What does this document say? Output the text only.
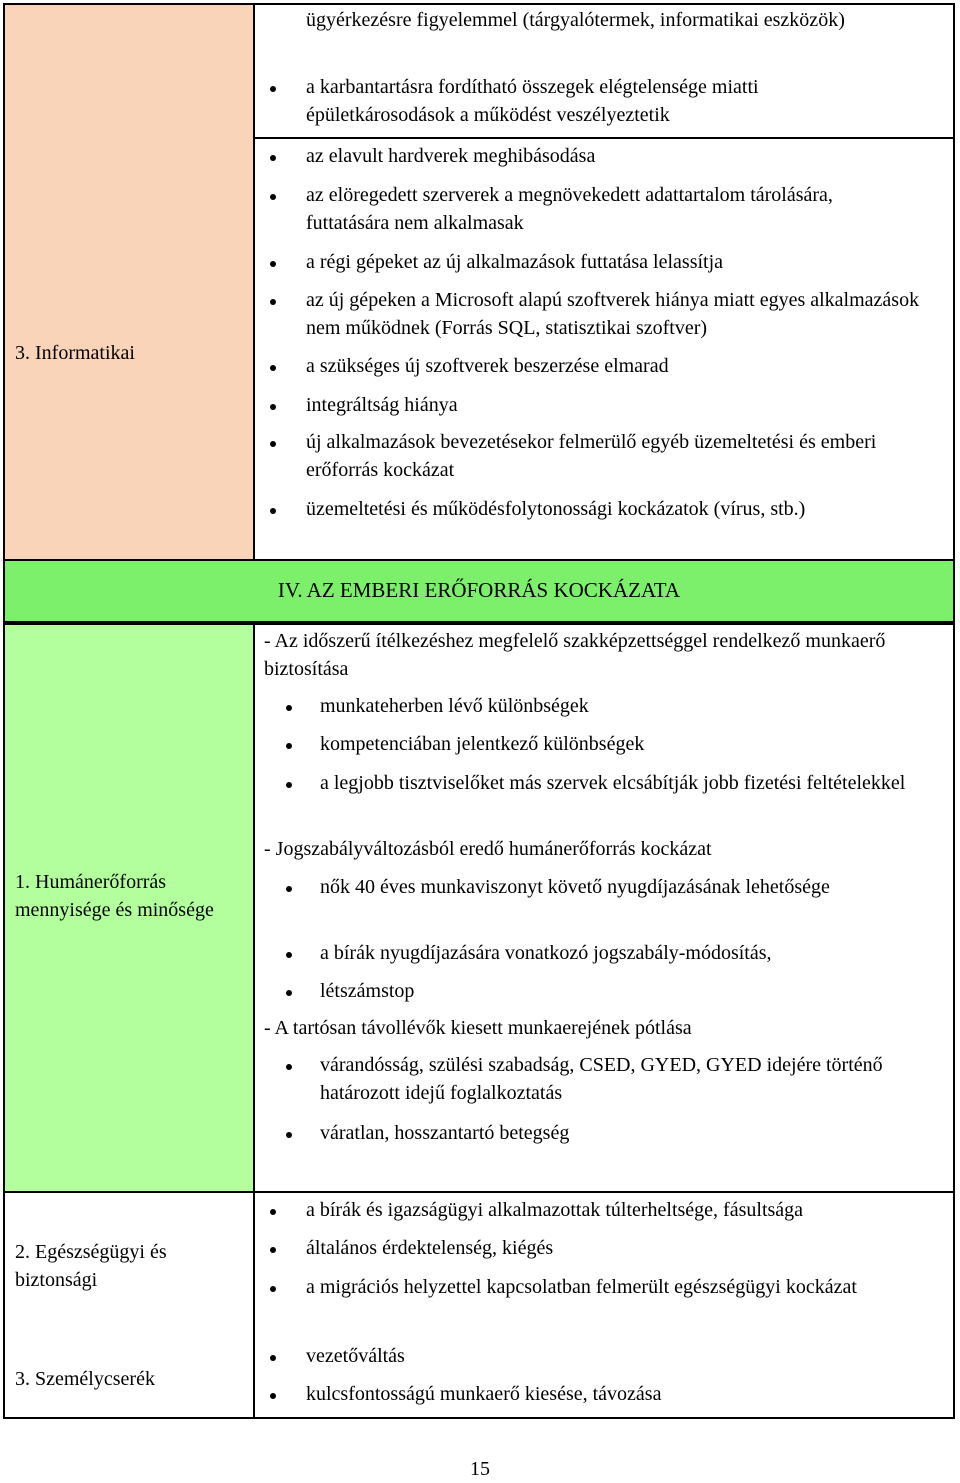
3. Informatikai

ügyérkezésre figyelemmel (tárgyalótermek, informatikai eszközök)

a karbantartásra fordítható összegek elégtelensége miatti épületkárosodások a működést veszélyeztetik

az elavult hardverek meghibásodása

az elöregedett szerverek a megnövekedett adattartalom tárolására, futtatására nem alkalmasak

a régi gépeket az új alkalmazások futtatása lelassítja

az új gépeken a Microsoft alapú szoftverek hiánya miatt egyes alkalmazások nem működnek (Forrás SQL, statisztikai szoftver)

a szükséges új szoftverek beszerzése elmarad

integráltság hiánya

új alkalmazások bevezetésekor felmerülő egyéb üzemeltetési és emberi erőforrás kockázat

üzemeltetési és működésfolytonossági kockázatok (vírus, stb.)

IV. AZ EMBERI ERŐFORRÁS KOCKÁZATA

1. Humánerőforrás mennyisége és minősége

- Az időszerű ítélkezéshez megfelelő szakképzettséggel rendelkező munkaerő biztosítása

munkateherben lévő különbségek

kompetenciában jelentkező különbségek

a legjobb tisztviselőket más szervek elcsábítják jobb fizetési feltételekkel

- Jogszabályváltozásból eredő humánerőforrás kockázat

nők 40 éves munkaviszonyt követő nyugdíjazásának lehetősége

a bírák nyugdíjazására vonatkozó jogszabály-módosítás,

létszámstop

- A tartósan távollévők kiesett munkaerejének pótlása

várandósság, szülési szabadság, CSED, GYED, GYED idejére történő határozott idejű foglalkoztatás

váratlan, hosszantartó betegség

2. Egészségügyi és biztonsági

3. Személycserék

a bírák és igazságügyi alkalmazottak túlterheltsége, fásultsága

általános érdektelenség, kiégés

a migrációs helyzettel kapcsolatban felmerült egészségügyi kockázat

vezetőváltás

kulcsfontosságú munkaerő kiesése, távozása

15
